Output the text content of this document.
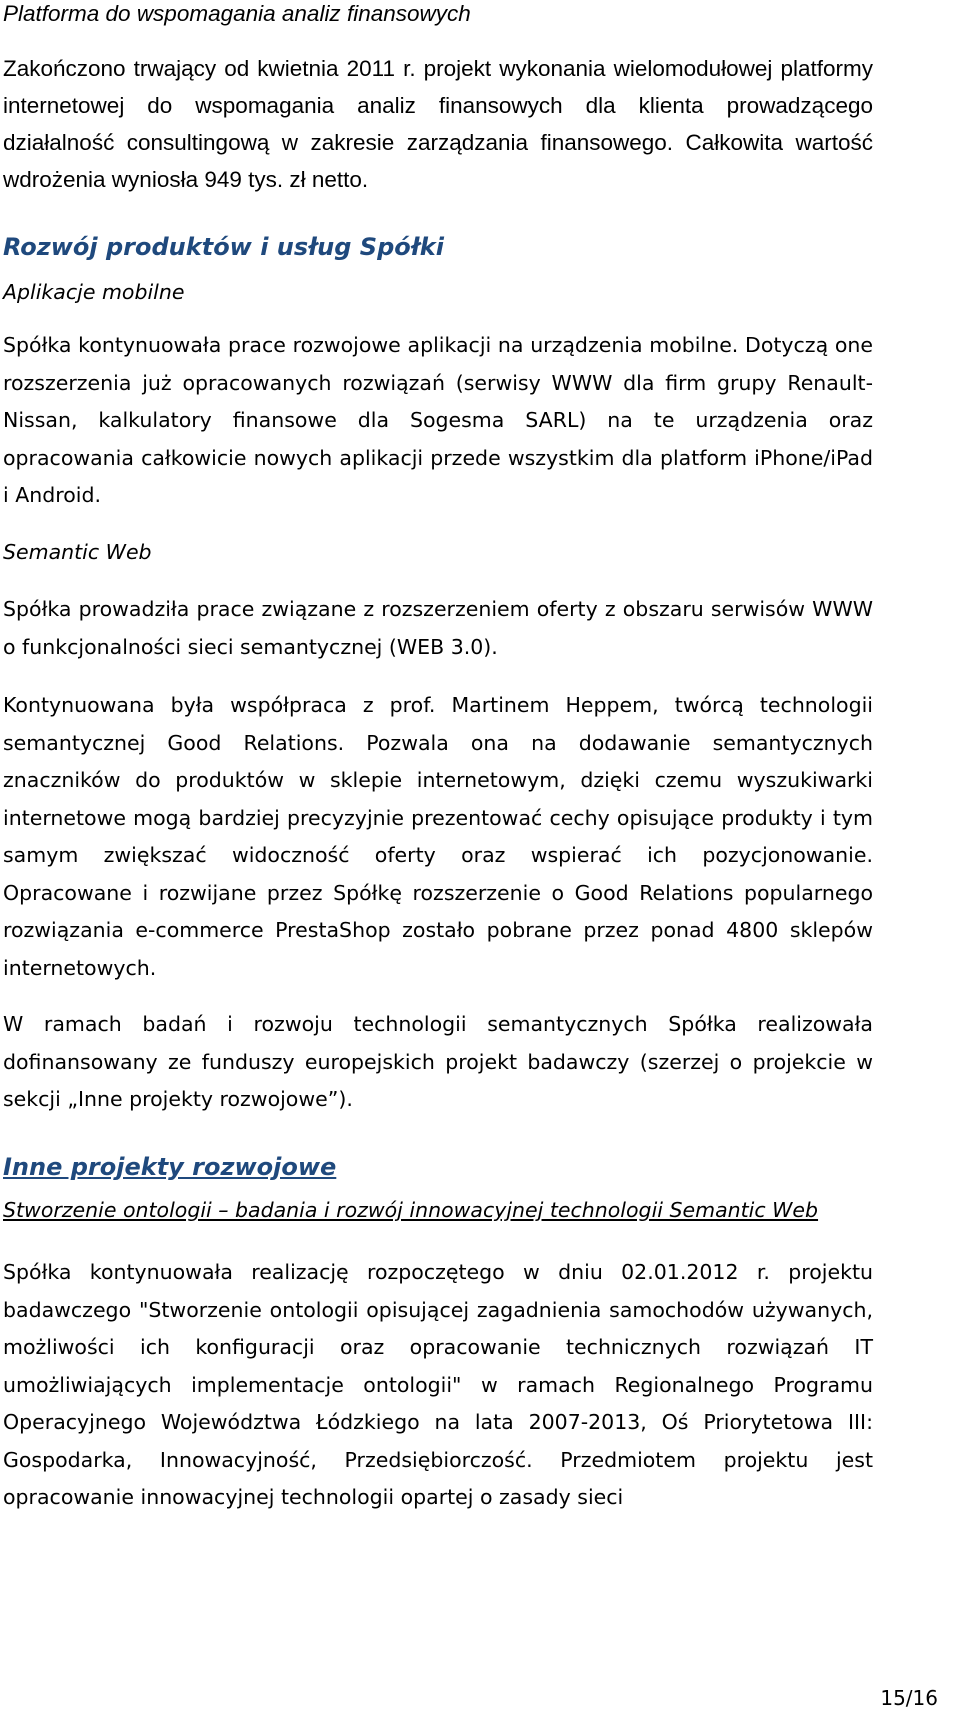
Platforma do wspomagania analiz finansowych

Zakończono trwający od kwietnia 2011 r. projekt wykonania wielomodułowej platformy internetowej do wspomagania analiz finansowych dla klienta prowadzącego działalność consultingową w zakresie zarządzania finansowego. Całkowita wartość wdrożenia wyniosła 949 tys. zł netto.

Rozwój produktów i usług Spółki

Aplikacje mobilne

Spółka kontynuowała prace rozwojowe aplikacji na urządzenia mobilne. Dotyczą one rozszerzenia już opracowanych rozwiązań (serwisy WWW dla firm grupy Renault-Nissan, kalkulatory finansowe dla Sogesma SARL) na te urządzenia oraz opracowania całkowicie nowych aplikacji przede wszystkim dla platform iPhone/iPad i Android.

Semantic Web

Spółka prowadziła prace związane z rozszerzeniem oferty z obszaru serwisów WWW o funkcjonalności sieci semantycznej (WEB 3.0).

Kontynuowana była współpraca z prof. Martinem Heppem, twórcą technologii semantycznej Good Relations. Pozwala ona na dodawanie semantycznych znaczników do produktów w sklepie internetowym, dzięki czemu wyszukiwarki internetowe mogą bardziej precyzyjnie prezentować cechy opisujące produkty i tym samym zwiększać widoczność oferty oraz wspierać ich pozycjonowanie. Opracowane i rozwijane przez Spółkę rozszerzenie o Good Relations popularnego rozwiązania e-commerce PrestaShop zostało pobrane przez ponad 4800 sklepów internetowych.

W ramach badań i rozwoju technologii semantycznych Spółka realizowała dofinansowany ze funduszy europejskich projekt badawczy (szerzej o projekcie w sekcji „Inne projekty rozwojowe”).

Inne projekty rozwojowe

Stworzenie ontologii – badania i rozwój innowacyjnej technologii Semantic Web

Spółka kontynuowała realizację rozpoczętego w dniu 02.01.2012 r. projektu badawczego "Stworzenie ontologii opisującej zagadnienia samochodów używanych, możliwości ich konfiguracji oraz opracowanie technicznych rozwiązań IT umożliwiających implementacje ontologii" w ramach Regionalnego Programu Operacyjnego Województwa Łódzkiego na lata 2007-2013, Oś Priorytetowa III: Gospodarka, Innowacyjność, Przedsiębiorczość. Przedmiotem projektu jest opracowanie innowacyjnej technologii opartej o zasady sieci

15/16
